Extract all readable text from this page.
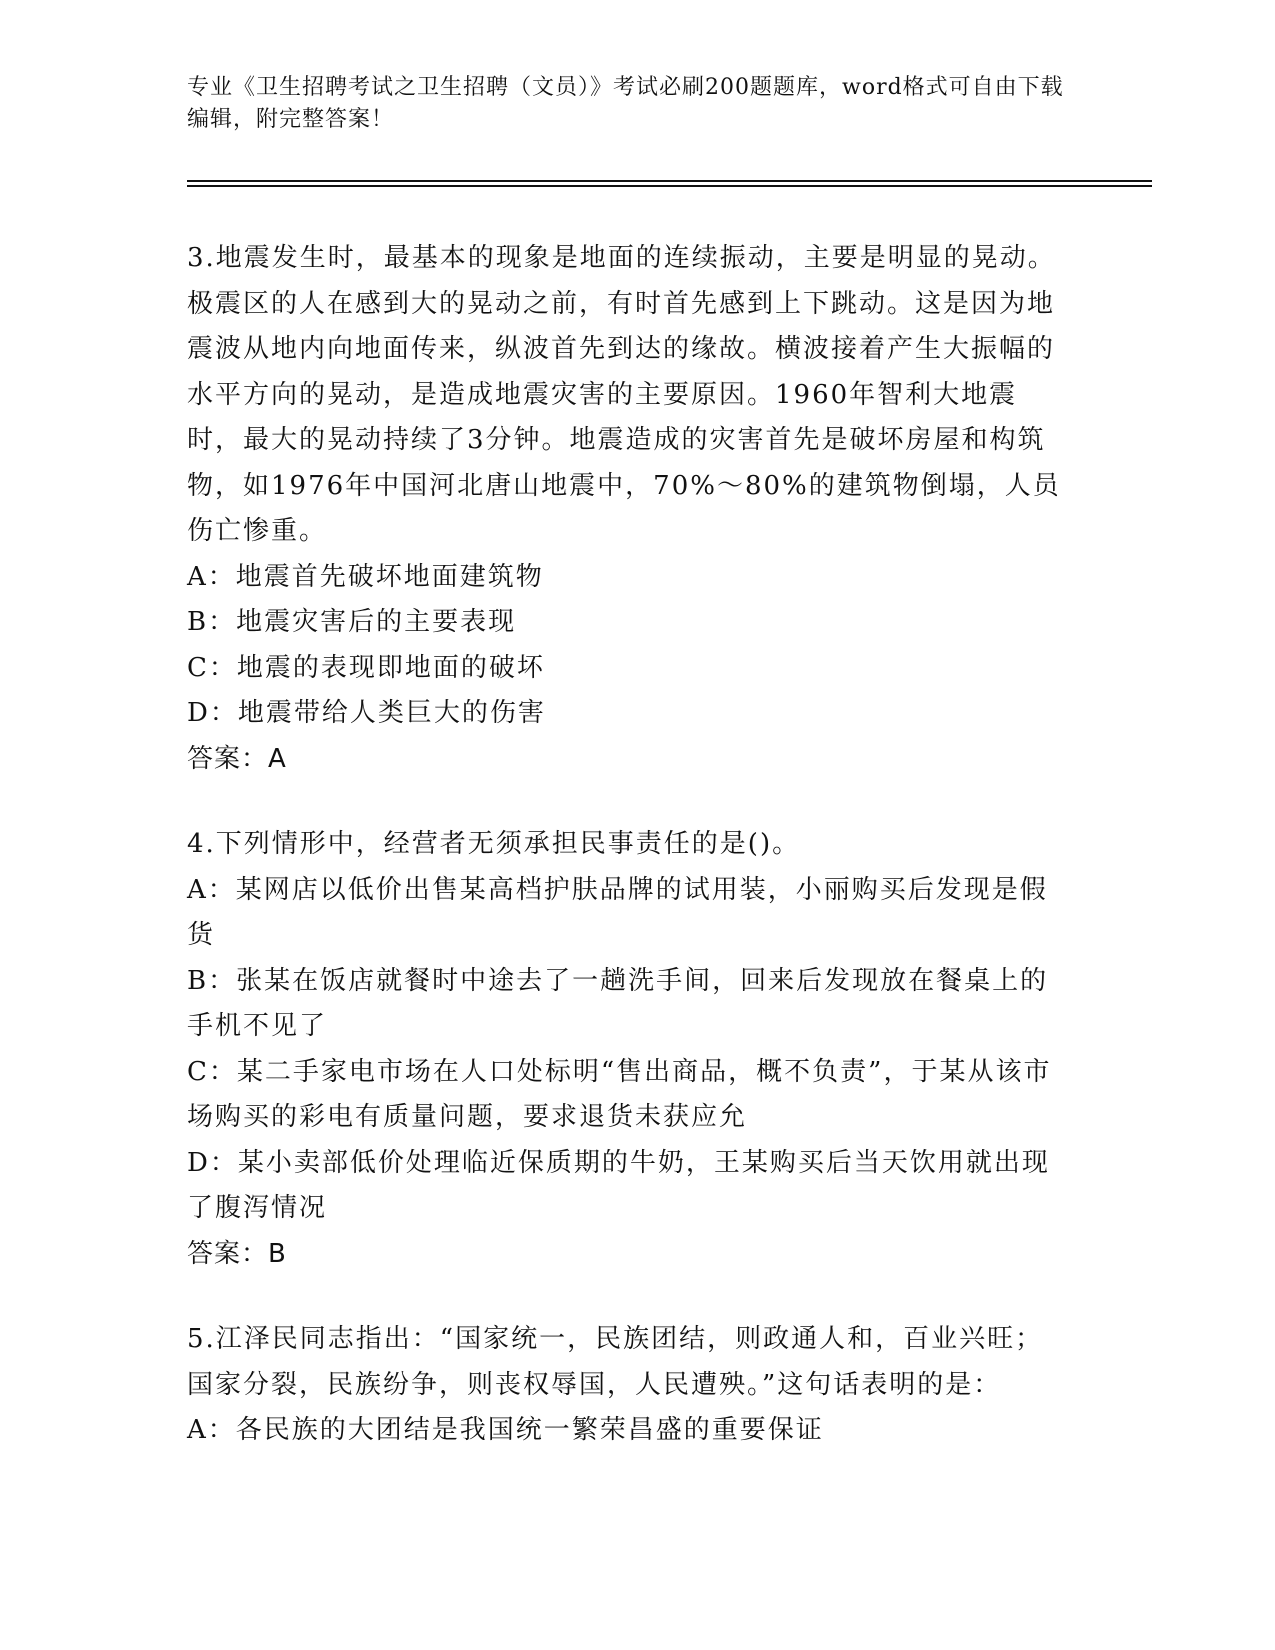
专业《卫生招聘考试之卫生招聘（文员）》考试必刷200题题库，word格式可自由下载编辑，附完整答案！
3.地震发生时，最基本的现象是地面的连续振动，主要是明显的晃动。极震区的人在感到大的晃动之前，有时首先感到上下跳动。这是因为地震波从地内向地面传来，纵波首先到达的缘故。横波接着产生大振幅的水平方向的晃动，是造成地震灾害的主要原因。1960年智利大地震时，最大的晃动持续了3分钟。地震造成的灾害首先是破坏房屋和构筑物，如1976年中国河北唐山地震中，70%～80%的建筑物倒塌，人员伤亡惨重。
A：地震首先破坏地面建筑物
B：地震灾害后的主要表现
C：地震的表现即地面的破坏
D：地震带给人类巨大的伤害
答案：A
4.下列情形中，经营者无须承担民事责任的是()。
A：某网店以低价出售某高档护肤品牌的试用装，小丽购买后发现是假货
B：张某在饭店就餐时中途去了一趟洗手间，回来后发现放在餐桌上的手机不见了
C：某二手家电市场在人口处标明“售出商品，概不负责”，于某从该市场购买的彩电有质量问题，要求退货未获应允
D：某小卖部低价处理临近保质期的牛奶，王某购买后当天饮用就出现了腹泻情况
答案：B
5.江泽民同志指出：“国家统一，民族团结，则政通人和，百业兴旺；国家分裂，民族纷争，则丧权辱国，人民遭殃。”这句话表明的是：
A：各民族的大团结是我国统一繁荣昌盛的重要保证
